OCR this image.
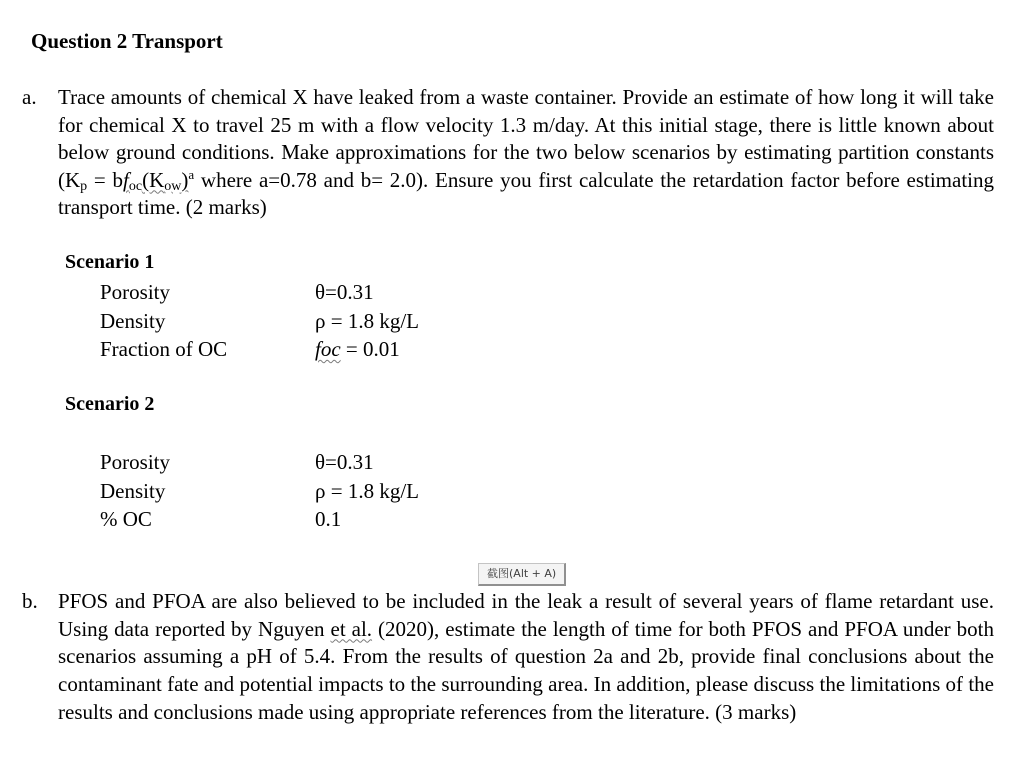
Question 2 Transport
a.	Trace amounts of chemical X have leaked from a waste container. Provide an estimate of how long it will take for chemical X to travel 25 m with a flow velocity 1.3 m/day. At this initial stage, there is little known about below ground conditions. Make approximations for the two below scenarios by estimating partition constants ($K_p = bf_{oc}(K_{ow})^a$ where a=0.78 and b= 2.0). Ensure you first calculate the retardation factor before estimating transport time. (2 marks)
Scenario 1
Porosity	θ=0.31
Density	ρ = 1.8 kg/L
Fraction of OC	foc = 0.01
Scenario 2
Porosity	θ=0.31
Density	ρ = 1.8 kg/L
% OC	0.1
截图(Alt + A)
b. PFOS and PFOA are also believed to be included in the leak a result of several years of flame retardant use. Using data reported by Nguyen et al. (2020), estimate the length of time for both PFOS and PFOA under both scenarios assuming a pH of 5.4. From the results of question 2a and 2b, provide final conclusions about the contaminant fate and potential impacts to the surrounding area. In addition, please discuss the limitations of the results and conclusions made using appropriate references from the literature. (3 marks)
